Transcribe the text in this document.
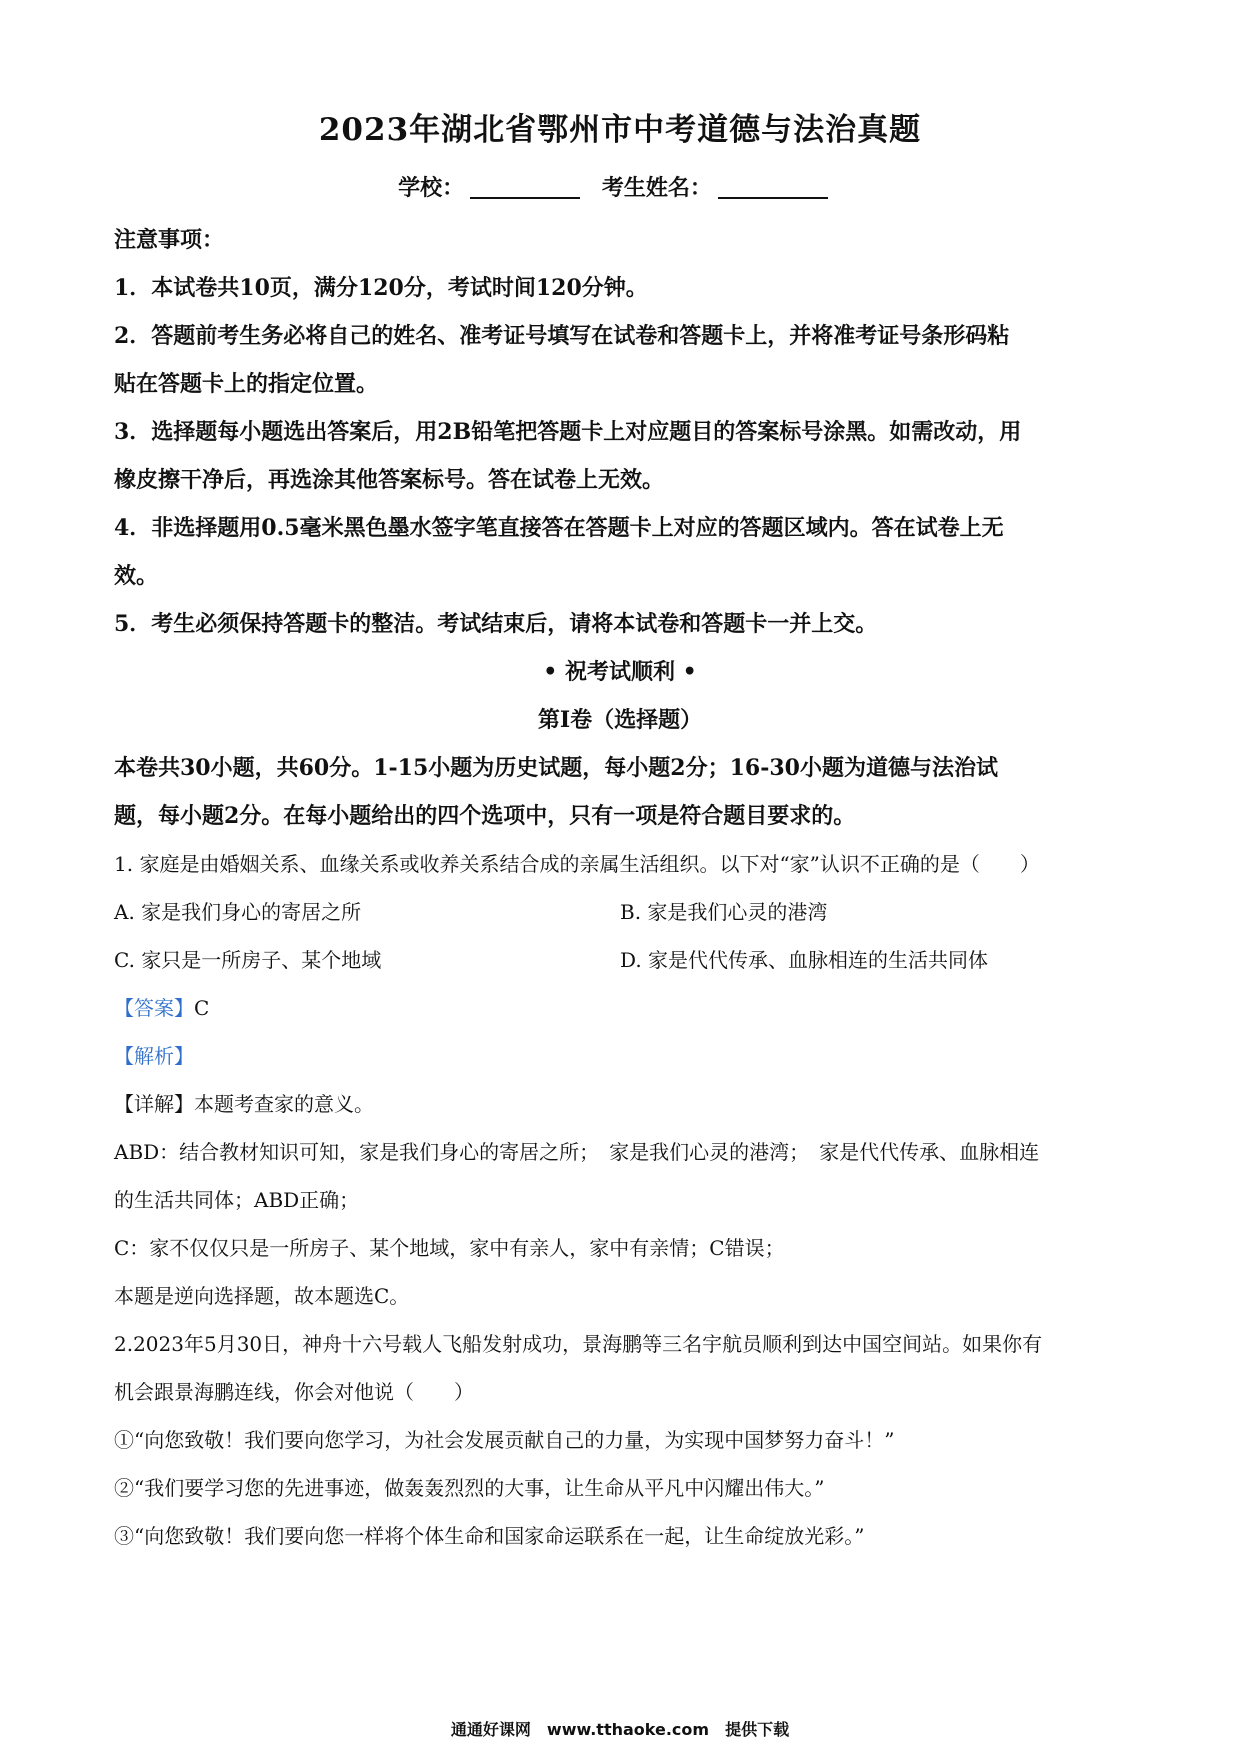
2023年湖北省鄂州市中考道德与法治真题

学校：	考生姓名：

注意事项：

1．本试卷共10页，满分120分，考试时间120分钟。

2．答题前考生务必将自己的姓名、准考证号填写在试卷和答题卡上，并将准考证号条形码粘

贴在答题卡上的指定位置。

3．选择题每小题选出答案后，用2B铅笔把答题卡上对应题目的答案标号涂黑。如需改动，用

橡皮擦干净后，再选涂其他答案标号。答在试卷上无效。

4．非选择题用0.5毫米黑色墨水签字笔直接答在答题卡上对应的答题区域内。答在试卷上无

效。

5．考生必须保持答题卡的整洁。考试结束后，请将本试卷和答题卡一并上交。

• 祝考试顺利 •

第Ⅰ卷（选择题）

本卷共30小题，共60分。1-15小题为历史试题，每小题2分；16-30小题为道德与法治试

题，每小题2分。在每小题给出的四个选项中，只有一项是符合题目要求的。

1. 家庭是由婚姻关系、血缘关系或收养关系结合成的亲属生活组织。以下对“家”认识不正确的是（　　）

A. 家是我们身心的寄居之所	B. 家是我们心灵的港湾
C. 家只是一所房子、某个地域	D. 家是代代传承、血脉相连的生活共同体

【答案】C

【解析】

【详解】本题考查家的意义。

ABD：结合教材知识可知，家是我们身心的寄居之所；　家是我们心灵的港湾；　家是代代传承、血脉相连

的生活共同体；ABD正确；

C：家不仅仅只是一所房子、某个地域，家中有亲人，家中有亲情；C错误；

本题是逆向选择题，故本题选C。

2.2023年5月30日，神舟十六号载人飞船发射成功，景海鹏等三名宇航员顺利到达中国空间站。如果你有

机会跟景海鹏连线，你会对他说（　　）

①“向您致敬！我们要向您学习，为社会发展贡献自己的力量，为实现中国梦努力奋斗！”

②“我们要学习您的先进事迹，做轰轰烈烈的大事，让生命从平凡中闪耀出伟大。”

③“向您致敬！我们要向您一样将个体生命和国家命运联系在一起，让生命绽放光彩。”

通通好课网　www.tthaoke.com　提供下载
